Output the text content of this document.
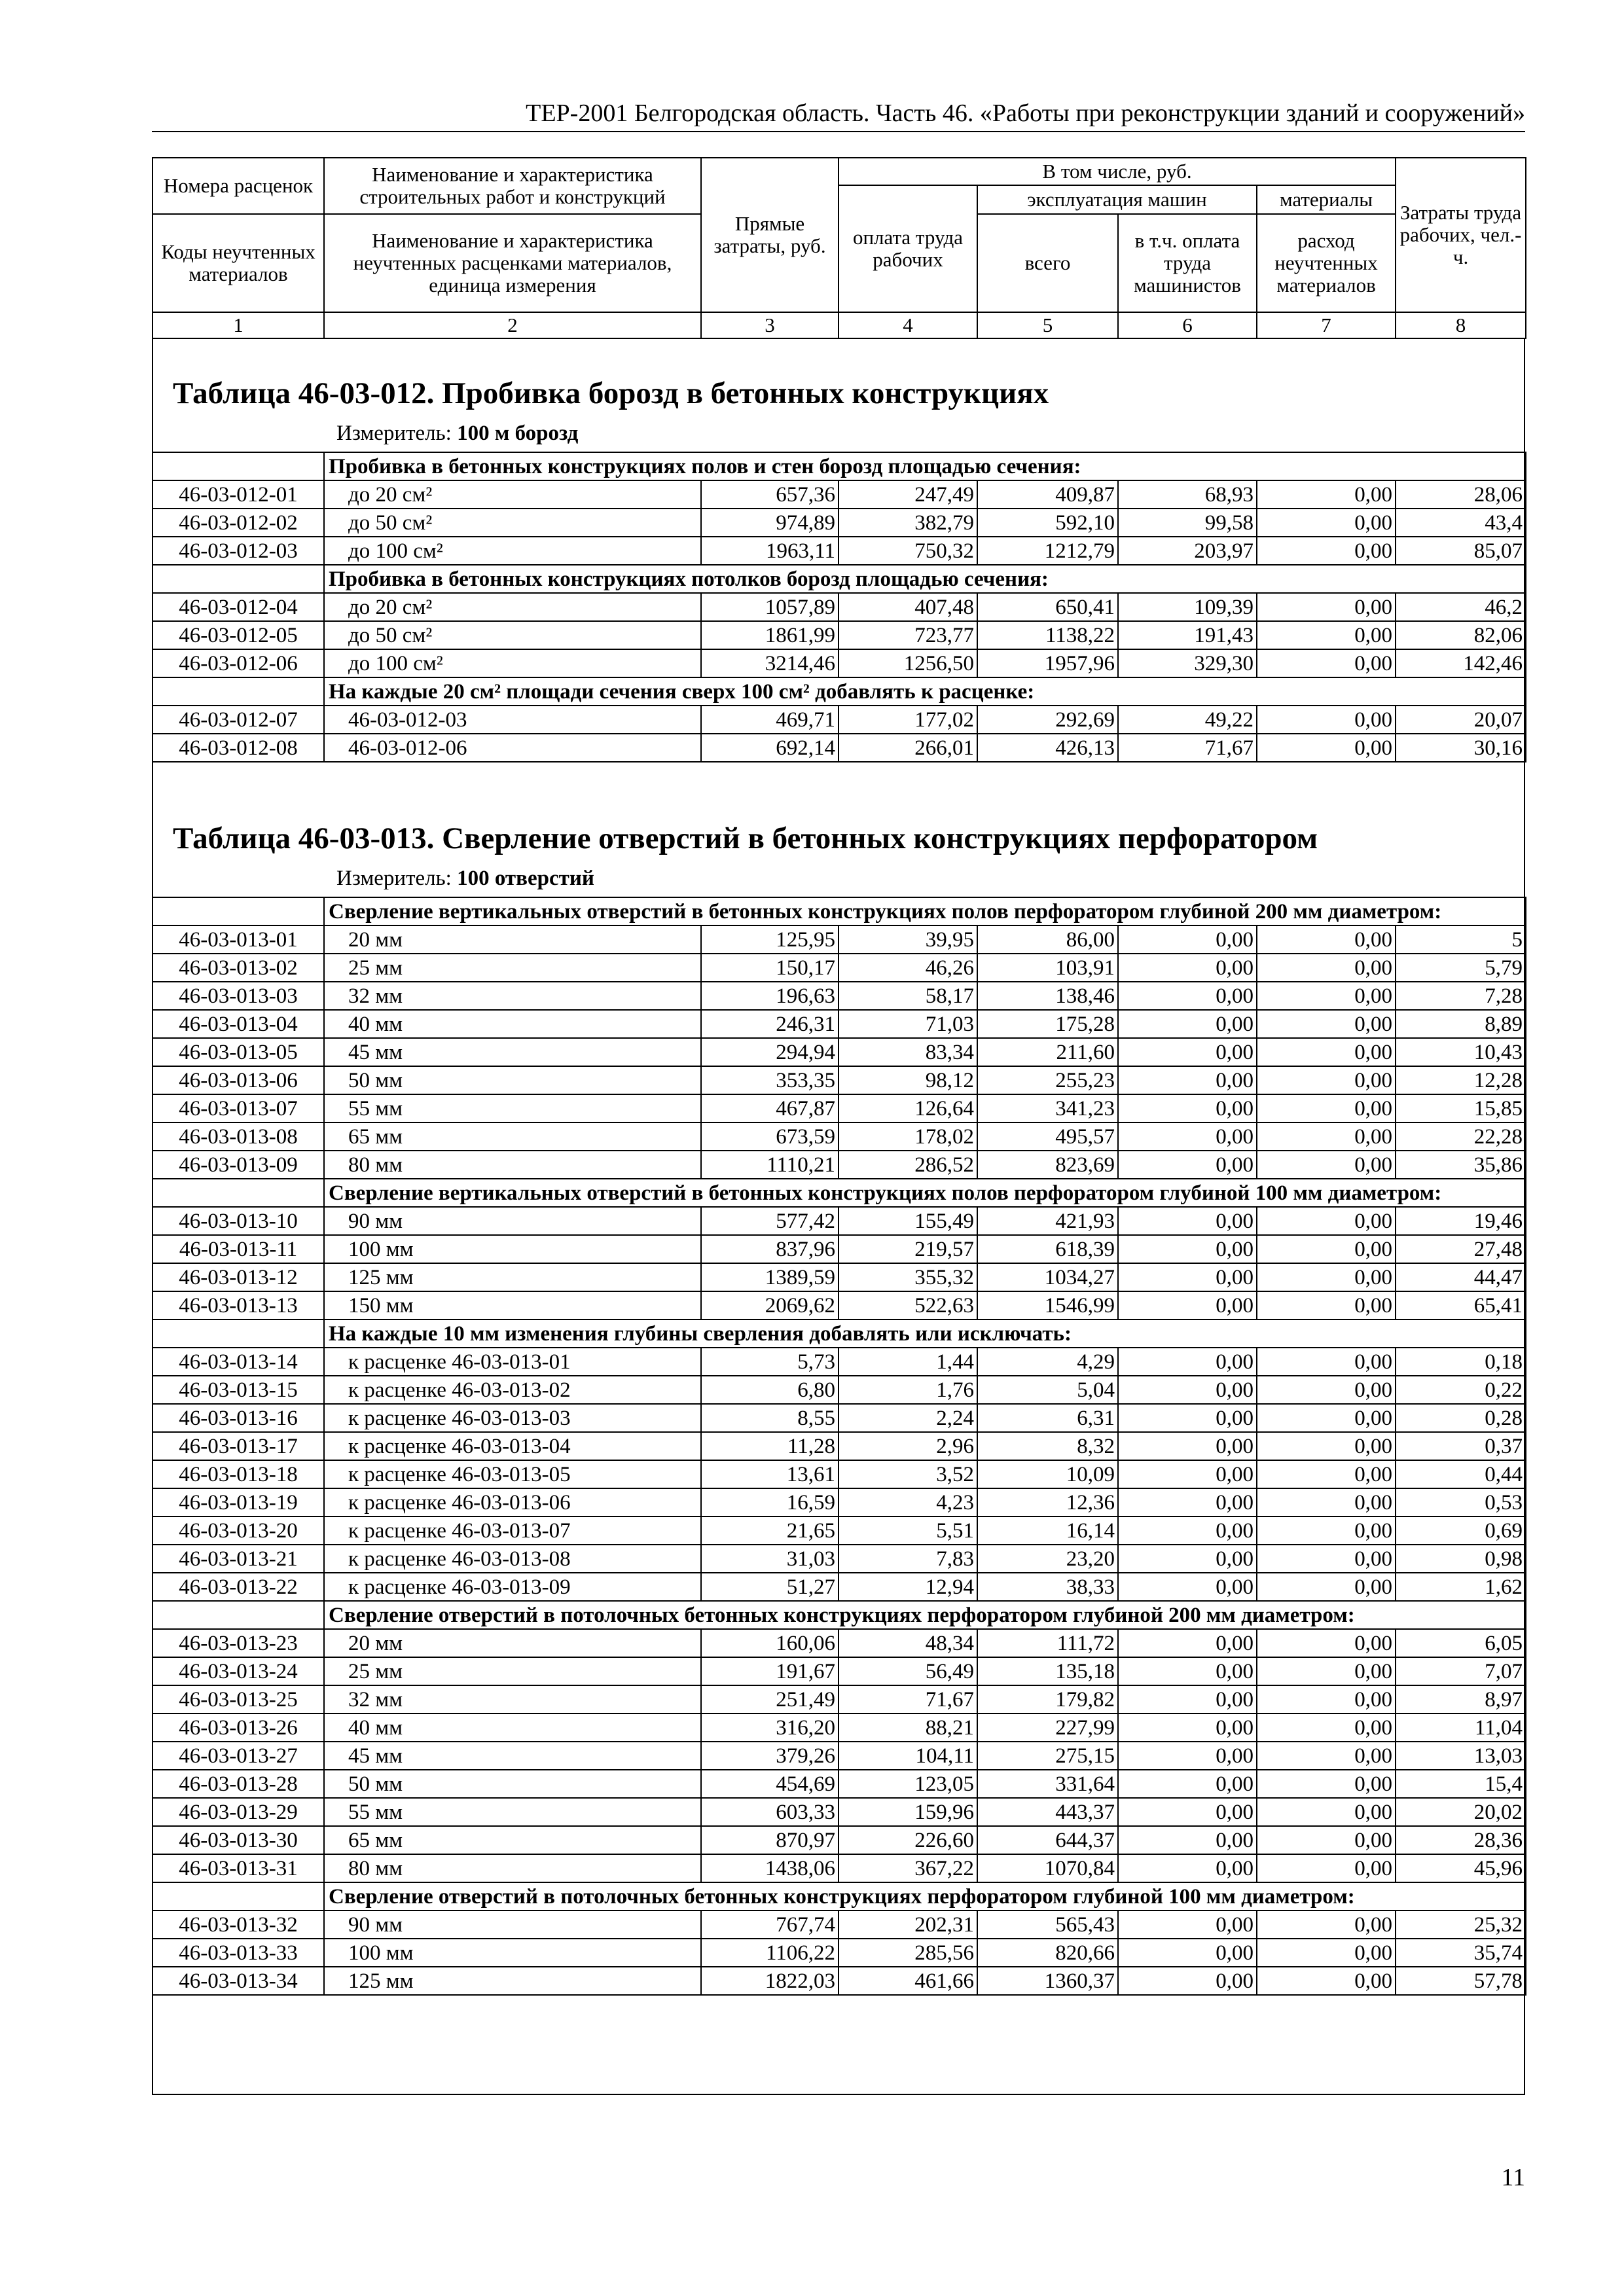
ТЕР-2001 Белгородская область. Часть 46. «Работы при реконструкции зданий и сооружений»
Номера расценок	Наименование и характеристика строительных работ и конструкций	Прямые затраты, руб.	В том числе, руб.				Затраты труда рабочих, чел.-ч.
			оплата труда рабочих	эксплуатация машин		материалы	
Коды неучтенных материалов	Наименование и характеристика неучтенных расценками материалов, единица измерения			всего	в т.ч. оплата труда машинистов	расход неучтенных материалов	
1	2	3	4	5	6	7	8
Таблица 46-03-012. Пробивка борозд в бетонных конструкциях
Измеритель: 100 м борозд
	Пробивка в бетонных конструкциях полов и стен борозд площадью сечения:						
46-03-012-01	до 20 см²	657,36	247,49	409,87	68,93	0,00	28,06
46-03-012-02	до 50 см²	974,89	382,79	592,10	99,58	0,00	43,4
46-03-012-03	до 100 см²	1963,11	750,32	1212,79	203,97	0,00	85,07
	Пробивка в бетонных конструкциях потолков борозд площадью сечения:						
46-03-012-04	до 20 см²	1057,89	407,48	650,41	109,39	0,00	46,2
46-03-012-05	до 50 см²	1861,99	723,77	1138,22	191,43	0,00	82,06
46-03-012-06	до 100 см²	3214,46	1256,50	1957,96	329,30	0,00	142,46
	На каждые 20 см² площади сечения сверх 100 см² добавлять к расценке:						
46-03-012-07	46-03-012-03	469,71	177,02	292,69	49,22	0,00	20,07
46-03-012-08	46-03-012-06	692,14	266,01	426,13	71,67	0,00	30,16
Таблица 46-03-013. Сверление отверстий в бетонных конструкциях перфоратором
Измеритель: 100 отверстий
	Сверление вертикальных отверстий в бетонных конструкциях полов перфоратором глубиной 200 мм диаметром:						
46-03-013-01	20 мм	125,95	39,95	86,00	0,00	0,00	5
46-03-013-02	25 мм	150,17	46,26	103,91	0,00	0,00	5,79
46-03-013-03	32 мм	196,63	58,17	138,46	0,00	0,00	7,28
46-03-013-04	40 мм	246,31	71,03	175,28	0,00	0,00	8,89
46-03-013-05	45 мм	294,94	83,34	211,60	0,00	0,00	10,43
46-03-013-06	50 мм	353,35	98,12	255,23	0,00	0,00	12,28
46-03-013-07	55 мм	467,87	126,64	341,23	0,00	0,00	15,85
46-03-013-08	65 мм	673,59	178,02	495,57	0,00	0,00	22,28
46-03-013-09	80 мм	1110,21	286,52	823,69	0,00	0,00	35,86
	Сверление вертикальных отверстий в бетонных конструкциях полов перфоратором глубиной 100 мм диаметром:						
46-03-013-10	90 мм	577,42	155,49	421,93	0,00	0,00	19,46
46-03-013-11	100 мм	837,96	219,57	618,39	0,00	0,00	27,48
46-03-013-12	125 мм	1389,59	355,32	1034,27	0,00	0,00	44,47
46-03-013-13	150 мм	2069,62	522,63	1546,99	0,00	0,00	65,41
	На каждые 10 мм изменения глубины сверления добавлять или исключать:						
46-03-013-14	к расценке 46-03-013-01	5,73	1,44	4,29	0,00	0,00	0,18
46-03-013-15	к расценке 46-03-013-02	6,80	1,76	5,04	0,00	0,00	0,22
46-03-013-16	к расценке 46-03-013-03	8,55	2,24	6,31	0,00	0,00	0,28
46-03-013-17	к расценке 46-03-013-04	11,28	2,96	8,32	0,00	0,00	0,37
46-03-013-18	к расценке 46-03-013-05	13,61	3,52	10,09	0,00	0,00	0,44
46-03-013-19	к расценке 46-03-013-06	16,59	4,23	12,36	0,00	0,00	0,53
46-03-013-20	к расценке 46-03-013-07	21,65	5,51	16,14	0,00	0,00	0,69
46-03-013-21	к расценке 46-03-013-08	31,03	7,83	23,20	0,00	0,00	0,98
46-03-013-22	к расценке 46-03-013-09	51,27	12,94	38,33	0,00	0,00	1,62
	Сверление отверстий в потолочных бетонных конструкциях перфоратором глубиной 200 мм диаметром:						
46-03-013-23	20 мм	160,06	48,34	111,72	0,00	0,00	6,05
46-03-013-24	25 мм	191,67	56,49	135,18	0,00	0,00	7,07
46-03-013-25	32 мм	251,49	71,67	179,82	0,00	0,00	8,97
46-03-013-26	40 мм	316,20	88,21	227,99	0,00	0,00	11,04
46-03-013-27	45 мм	379,26	104,11	275,15	0,00	0,00	13,03
46-03-013-28	50 мм	454,69	123,05	331,64	0,00	0,00	15,4
46-03-013-29	55 мм	603,33	159,96	443,37	0,00	0,00	20,02
46-03-013-30	65 мм	870,97	226,60	644,37	0,00	0,00	28,36
46-03-013-31	80 мм	1438,06	367,22	1070,84	0,00	0,00	45,96
	Сверление отверстий в потолочных бетонных конструкциях перфоратором глубиной 100 мм диаметром:						
46-03-013-32	90 мм	767,74	202,31	565,43	0,00	0,00	25,32
46-03-013-33	100 мм	1106,22	285,56	820,66	0,00	0,00	35,74
46-03-013-34	125 мм	1822,03	461,66	1360,37	0,00	0,00	57,78
11
